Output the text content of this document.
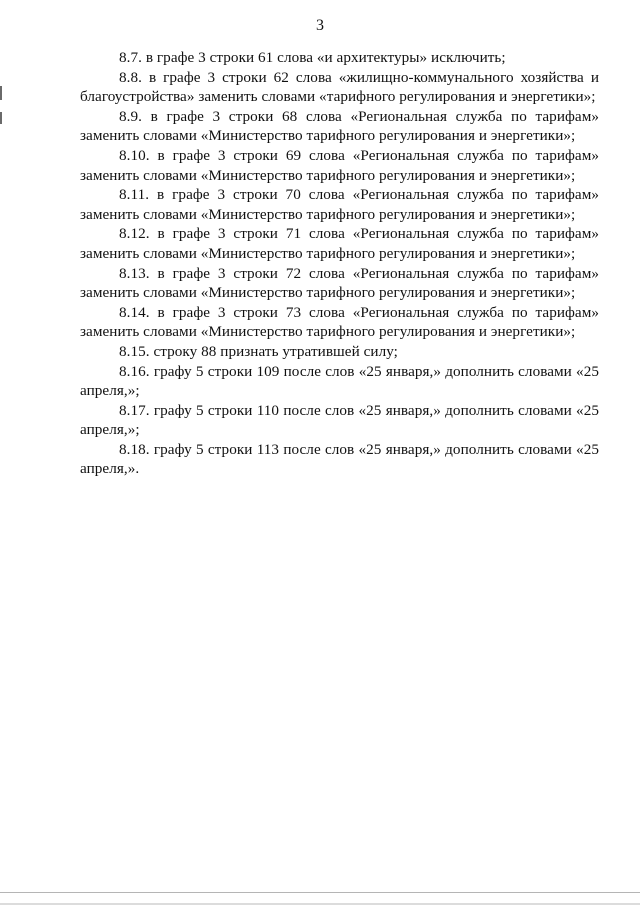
3

8.7. в графе 3 строки 61 слова «и архитектуры» исключить;

8.8. в графе 3 строки 62 слова «жилищно-коммунального хозяйства и благоустройства» заменить словами «тарифного регулирования и энергетики»;

8.9. в графе 3 строки 68 слова «Региональная служба по тарифам» заменить словами «Министерство тарифного регулирования и энергетики»;

8.10. в графе 3 строки 69 слова «Региональная служба по тарифам» заменить словами «Министерство тарифного регулирования и энергетики»;

8.11. в графе 3 строки 70 слова «Региональная служба по тарифам» заменить словами «Министерство тарифного регулирования и энергетики»;

8.12. в графе 3 строки 71 слова «Региональная служба по тарифам» заменить словами «Министерство тарифного регулирования и энергетики»;

8.13. в графе 3 строки 72 слова «Региональная служба по тарифам» заменить словами «Министерство тарифного регулирования и энергетики»;

8.14. в графе 3 строки 73 слова «Региональная служба по тарифам» заменить словами «Министерство тарифного регулирования и энергетики»;

8.15. строку 88 признать утратившей силу;

8.16. графу 5 строки 109 после слов «25 января,» дополнить словами «25 апреля,»;

8.17. графу 5 строки 110 после слов «25 января,» дополнить словами «25 апреля,»;

8.18. графу 5 строки 113 после слов «25 января,» дополнить словами «25 апреля,».
